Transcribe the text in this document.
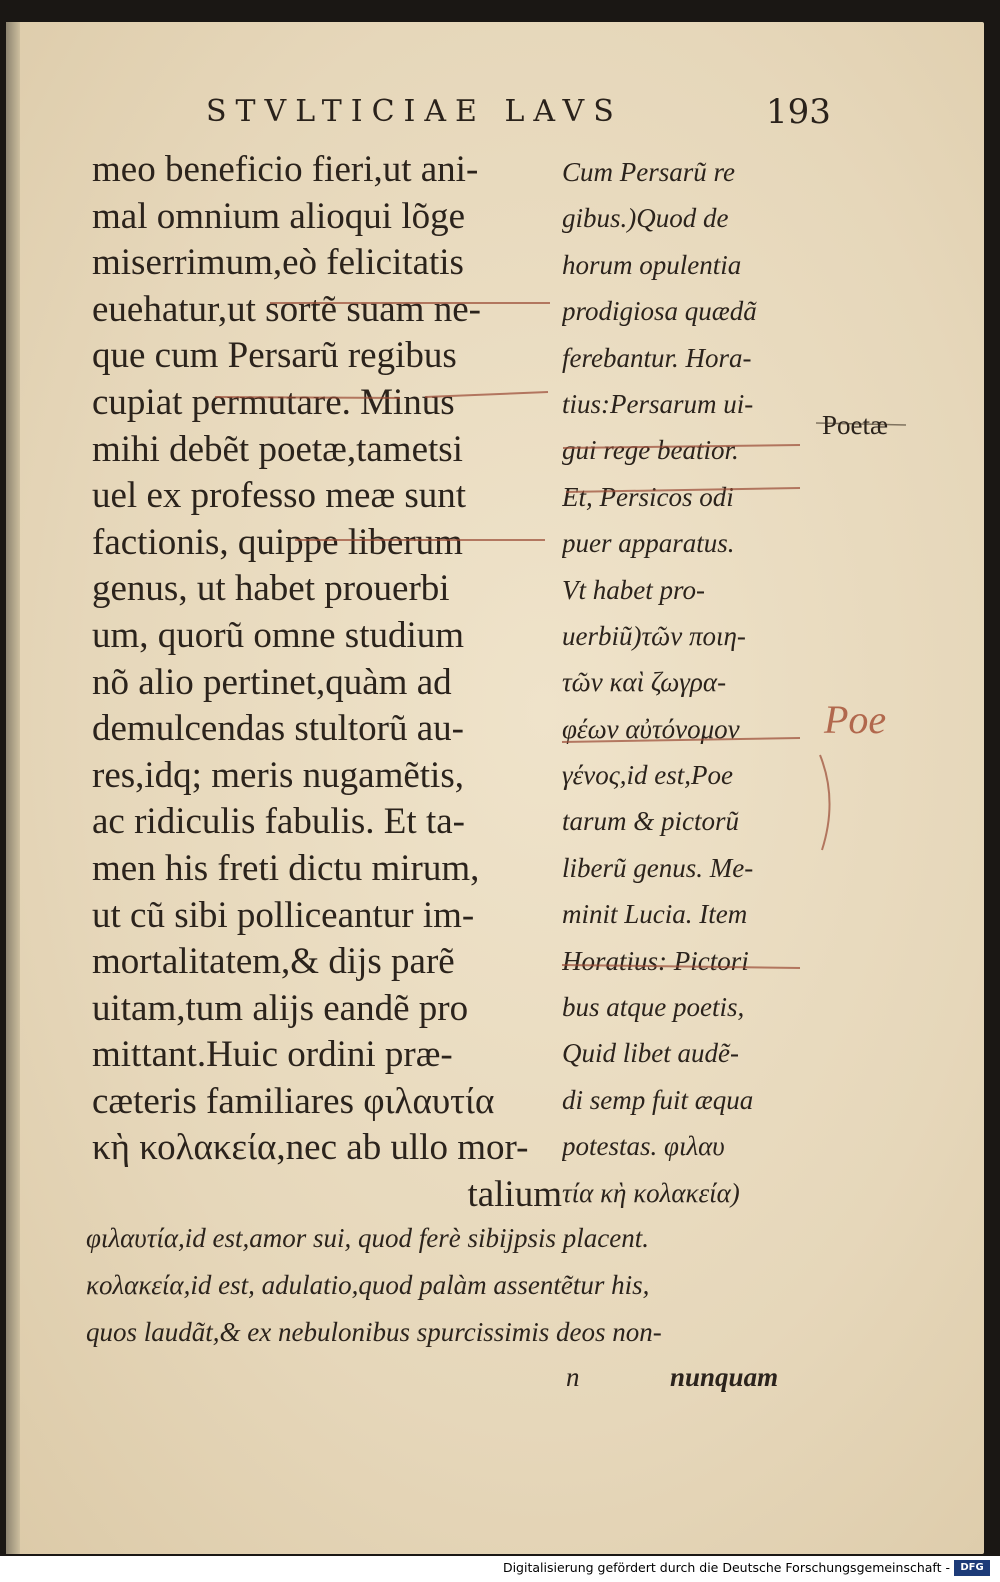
STVLTICIAE LAVS	193
meo beneficio fieri,ut ani-
mal omnium alioqui lõge
miserrimum,eò felicitatis
euehatur,ut sortẽ suam ne-
que cum Persarũ regibus
cupiat permutare. Minus
mihi debẽt poetæ,tametsi
uel ex professo meæ sunt
factionis, quippe liberum
genus, ut habet prouerbi
um, quorũ omne studium
nõ alio pertinet,quàm ad
demulcendas stultorũ au-
res,idq; meris nugamẽtis,
ac ridiculis fabulis. Et ta-
men his freti dictu mirum,
ut cũ sibi polliceantur im-
mortalitatem,& dijs parẽ
uitam,tum alijs eandẽ pro
mittant.Huic ordini præ-
cæteris familiares φιλαυτία
κὴ κολακεία,nec ab ullo mor-
talium
Cum Persarũ re
gibus.)Quod de
horum opulentia
prodigiosa quædã
ferebantur. Hora-
tius:Persarum ui-
gui rege beatior.
Et, Persicos odi
puer apparatus.
Vt habet pro-
uerbiũ)τῶν ποιη-
τῶν καὶ ζωγρα-
φέων αὐτόνομον
γένος,id est,Poe
tarum & pictorũ
liberũ genus. Me-
minit Lucia. Item
Horatius: Pictori
bus atque poetis,
Quid libet audẽ-
di semp fuit æqua
potestas. φιλαυ
τία κὴ κολακεία)
φιλαυτία,id est,amor sui, quod ferè sibijpsis placent.
κολακεία,id est, adulatio,quod palàm assentẽtur his,
quos laudãt,& ex nebulonibus spurcissimis deos non-
n	nunquam
Poetæ
Poe
Digitalisierung gefördert durch die Deutsche Forschungsgemeinschaft -	DFG
